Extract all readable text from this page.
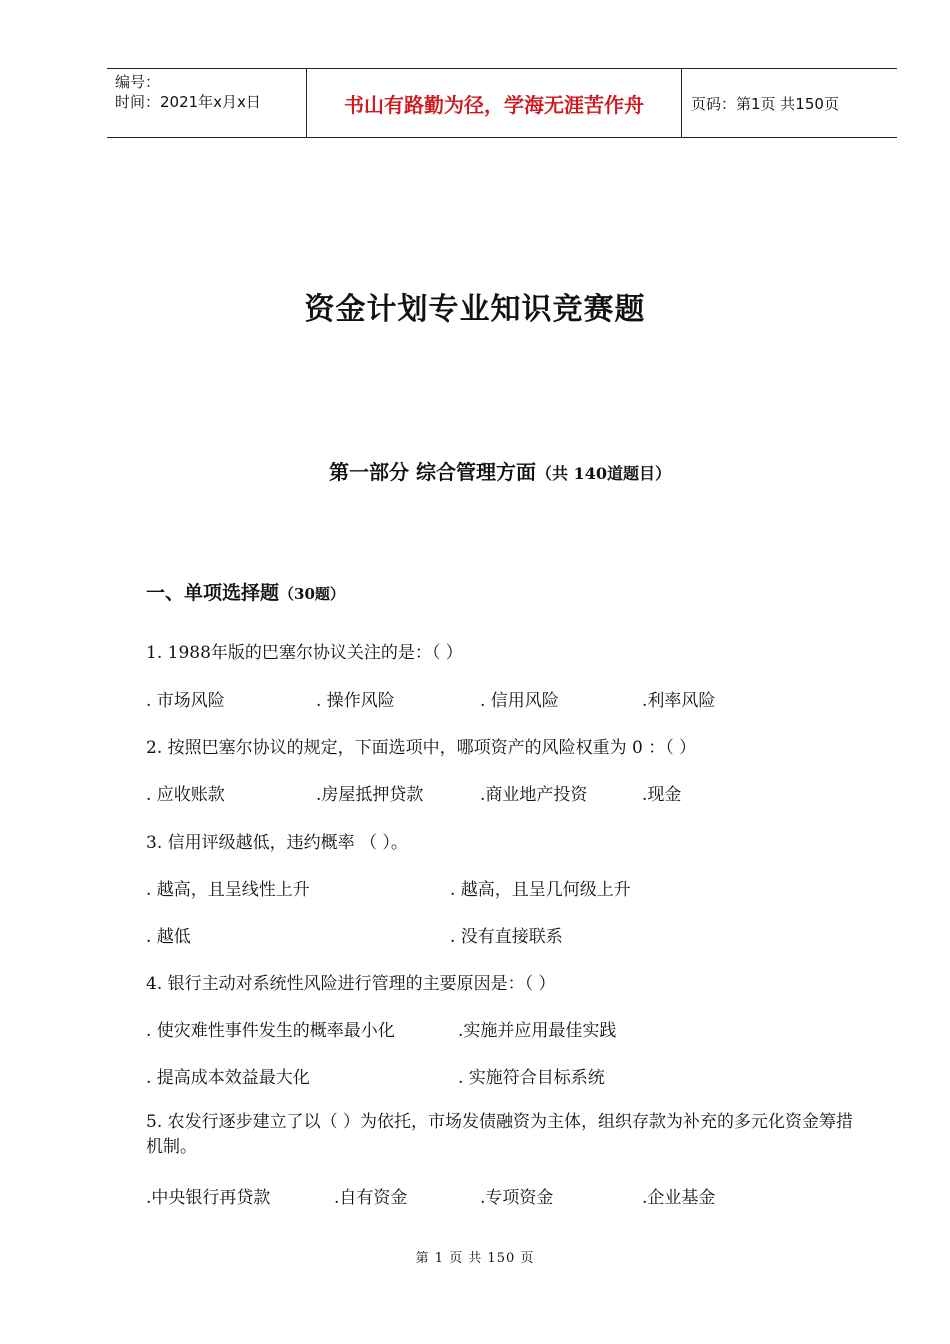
编号：
时间：2021年x月x日	书山有路勤为径，学海无涯苦作舟	页码：第1页 共150页
资金计划专业知识竞赛题
第一部分 综合管理方面（共 140道题目）
一、单项选择题（30题）
1. 1988年版的巴塞尔协议关注的是：（ ）
. 市场风险	. 操作风险	. 信用风险	.利率风险
2. 按照巴塞尔协议的规定，下面选项中，哪项资产的风险权重为 0 ：（ ）
. 应收账款	.房屋抵押贷款	.商业地产投资	.现金
3. 信用评级越低，违约概率 （ ）。
. 越高，且呈线性上升	. 越高，且呈几何级上升
. 越低	. 没有直接联系
4. 银行主动对系统性风险进行管理的主要原因是：（ ）
. 使灾难性事件发生的概率最小化	.实施并应用最佳实践
. 提高成本效益最大化	. 实施符合目标系统
5. 农发行逐步建立了以（ ）为依托，市场发债融资为主体，组织存款为补充的多元化资金筹措机制。
.中央银行再贷款	.自有资金	.专项资金	.企业基金
第 1 页 共 150 页
